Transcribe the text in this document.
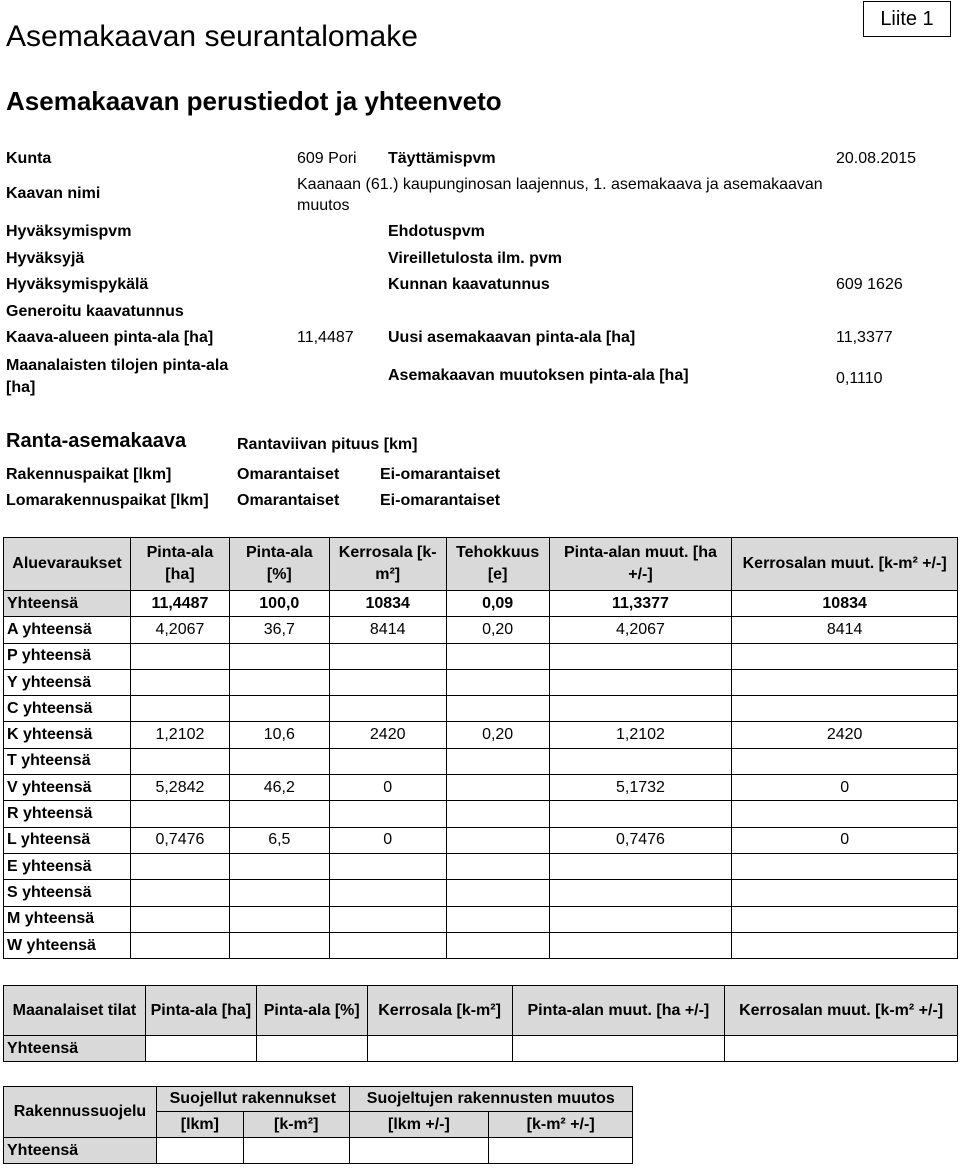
Asemakaavan seurantalomake
Liite 1
Asemakaavan perustiedot ja yhteenveto
Kunta	609 Pori Täyttämispvm	20.08.2015
Kaavan nimi
Kaanaan (61.) kaupunginosan laajennus, 1. asemakaava ja asemakaavan
muutos
Hyväksymispvm	Ehdotuspvm
Hyväksyjä	Vireilletulosta ilm. pvm
Hyväksymispykälä	Kunnan kaavatunnus	609 1626
Generoitu kaavatunnus
Kaava-alueen pinta-ala [ha]	11,4487 Uusi asemakaavan pinta-ala [ha]	11,3377
Maanalaisten tilojen pinta-ala
[ha]
Asemakaavan muutoksen pinta-ala [ha]	0,1110
Ranta-asemakaava	Rantaviivan pituus [km]
Rakennuspaikat [lkm]	Omarantaiset	Ei-omarantaiset
Lomarakennuspaikat [lkm] Omarantaiset	Ei-omarantaiset
Aluevaraukset	Pinta-ala [ha]	Pinta-ala [%]	Kerrosala [k-m²]	Tehokkuus [e]	Pinta-alan muut. [ha +/-]	Kerrosalan muut. [k-m² +/-]
Yhteensä	11,4487	100,0	10834	0,09	11,3377	10834
A yhteensä	4,2067	36,7	8414	0,20	4,2067	8414
P yhteensä						
Y yhteensä						
C yhteensä						
K yhteensä	1,2102	10,6	2420	0,20	1,2102	2420
T yhteensä						
V yhteensä	5,2842	46,2	0		5,1732	0
R yhteensä						
L yhteensä	0,7476	6,5	0		0,7476	0
E yhteensä						
S yhteensä						
M yhteensä						
W yhteensä						
Maanalaiset tilat	Pinta-ala [ha]	Pinta-ala [%]	Kerrosala [k-m²]	Pinta-alan muut. [ha +/-]	Kerrosalan muut. [k-m² +/-]
Yhteensä					
Rakennussuojelu	Suojellut rakennukset		Suojeltujen rakennusten muutos	
	[lkm]	[k-m²]	[lkm +/-]	[k-m² +/-]
Yhteensä				
